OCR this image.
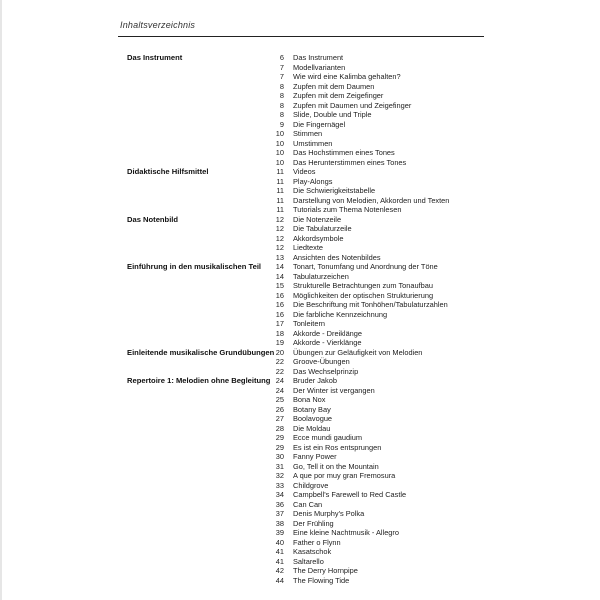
Inhaltsverzeichnis
Das Instrument	6 Das Instrument
7 Modellvarianten
7 Wie wird eine Kalimba gehalten?
8 Zupfen mit dem Daumen
8 Zupfen mit dem Zeigefinger
8 Zupfen mit Daumen und Zeigefinger
8 Slide, Double und Triple
9 Die Fingernägel
10 Stimmen
10 Umstimmen
10 Das Hochstimmen eines Tones
10 Das Herunterstimmen eines Tones
Didaktische Hilfsmittel	11 Videos
11 Play-Alongs
11 Die Schwierigkeitstabelle
11 Darstellung von Melodien, Akkorden und Texten
11 Tutorials zum Thema Notenlesen
Das Notenbild	12 Die Notenzeile
12 Die Tabulaturzeile
12 Akkordsymbole
12 Liedtexte
13 Ansichten des Notenbildes
Einführung in den musikalischen Teil	14 Tonart, Tonumfang und Anordnung der Töne
14 Tabulaturzeichen
15 Strukturelle Betrachtungen zum Tonaufbau
16 Möglichkeiten der optischen Strukturierung
16 Die Beschriftung mit Tonhöhen/Tabulaturzahlen
16 Die farbliche Kennzeichnung
17 Tonleitern
18 Akkorde - Dreiklänge
19 Akkorde - Vierklänge
Einleitende musikalische Grundübungen 20 Übungen zur Geläufigkeit von Melodien
22 Groove-Übungen
22 Das Wechselprinzip
Repertoire 1: Melodien ohne Begleitung 24 Bruder Jakob
24 Der Winter ist vergangen
25 Bona Nox
26 Botany Bay
27 Boolavogue
28 Die Moldau
29 Ecce mundi gaudium
29 Es ist ein Ros entsprungen
30 Fanny Power
31 Go, Tell it on the Mountain
32 A que por muy gran Fremosura
33 Childgrove
34 Campbell's Farewell to Red Castle
36 Can Can
37 Denis Murphy's Polka
38 Der Frühling
39 Eine kleine Nachtmusik - Allegro
40 Father o Flynn
41 Kasatschok
41 Saltarello
42 The Derry Hornpipe
44 The Flowing Tide
